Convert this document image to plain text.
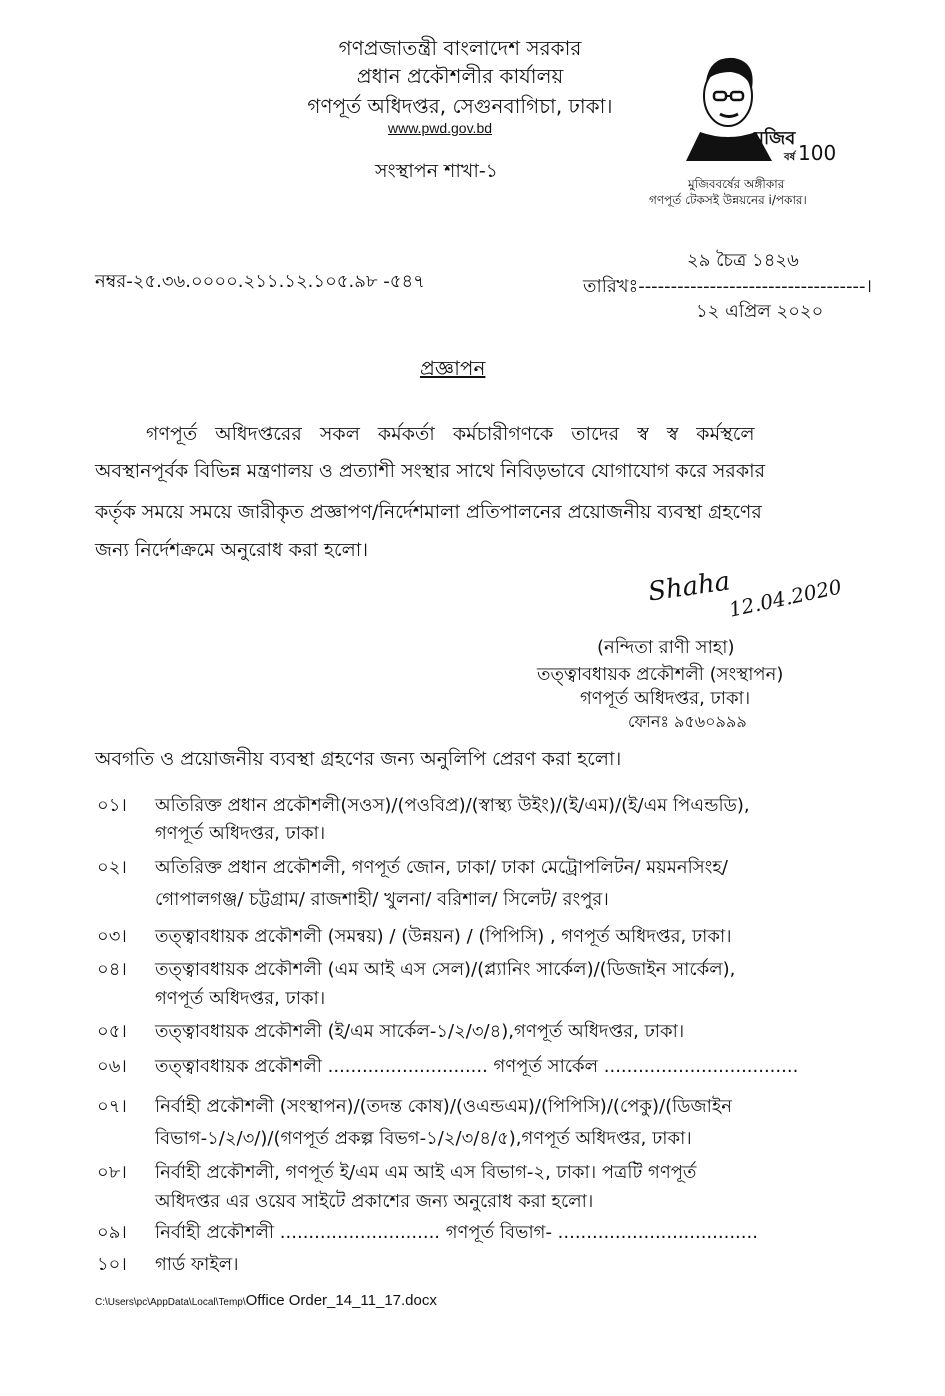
গণপ্রজাতন্ত্রী বাংলাদেশ সরকার
প্রধান প্রকৌশলীর কার্যালয়
গণপূর্ত অধিদপ্তর, সেগুনবাগিচা, ঢাকা।
www.pwd.gov.bd
সংস্থাপন শাখা-১
মুজিব
বর্ষ 100
মুজিববর্ষের অঙ্গীকার
গণপূর্ত টেকসই উন্নয়নের i/পকার।
২৯ চৈত্র ১৪২৬
নম্বর-২৫.৩৬.০০০০.২১১.১২.১০৫.৯৮ -৫৪৭	তারিখঃ-----------------------------------।
১২ এপ্রিল ২০২০
প্রজ্ঞাপন
গণপূর্ত অধিদপ্তরের সকল কর্মকর্তা কর্মচারীগণকে তাদের স্ব স্ব কর্মস্থলে
অবস্থানপূর্বক বিভিন্ন মন্ত্রণালয় ও প্রত্যাশী সংস্থার সাথে নিবিড়ভাবে যোগাযোগ করে সরকার
কর্তৃক সময়ে সময়ে জারীকৃত প্রজ্ঞাপণ/নির্দেশমালা প্রতিপালনের প্রয়োজনীয় ব্যবস্থা গ্রহণের
জন্য নির্দেশক্রমে অনুরোধ করা হলো।
Shaha
12.04.2020
(নন্দিতা রাণী সাহা)
তত্ত্বাবধায়ক প্রকৌশলী (সংস্থাপন)
গণপূর্ত অধিদপ্তর, ঢাকা।
ফোনঃ ৯৫৬০৯৯৯
অবগতি ও প্রয়োজনীয় ব্যবস্থা গ্রহণের জন্য অনুলিপি প্রেরণ করা হলো।
০১। অতিরিক্ত প্রধান প্রকৌশলী(সওস)/(পওবিপ্র)/(স্বাস্থ্য উইং)/(ই/এম)/(ই/এম পিএন্ডডি),
গণপূর্ত অধিদপ্তর, ঢাকা।
০২। অতিরিক্ত প্রধান প্রকৌশলী, গণপূর্ত জোন, ঢাকা/ ঢাকা মেট্রোপলিটন/ ময়মনসিংহ/
গোপালগঞ্জ/ চট্টগ্রাম/ রাজশাহী/ খুলনা/ বরিশাল/ সিলেট/ রংপুর।
০৩। তত্ত্বাবধায়ক প্রকৌশলী (সমন্বয়) / (উন্নয়ন) / (পিপিসি) , গণপূর্ত অধিদপ্তর, ঢাকা।
০৪। তত্ত্বাবধায়ক প্রকৌশলী (এম আই এস সেল)/(প্ল্যানিং সার্কেল)/(ডিজাইন সার্কেল),
গণপূর্ত অধিদপ্তর, ঢাকা।
০৫। তত্ত্বাবধায়ক প্রকৌশলী (ই/এম সার্কেল-১/২/৩/৪),গণপূর্ত অধিদপ্তর, ঢাকা।
০৬। তত্ত্বাবধায়ক প্রকৌশলী ............................ গণপূর্ত সার্কেল ..................................
০৭। নির্বাহী প্রকৌশলী (সংস্থাপন)/(তদন্ত কোষ)/(ওএন্ডএম)/(পিপিসি)/(পেকু)/(ডিজাইন
বিভাগ-১/২/৩/)/(গণপূর্ত প্রকল্প বিভগ-১/২/৩/৪/৫),গণপূর্ত অধিদপ্তর, ঢাকা।
০৮। নির্বাহী প্রকৌশলী, গণপূর্ত ই/এম এম আই এস বিভাগ-২, ঢাকা। পত্রটি গণপূর্ত
অধিদপ্তর এর ওয়েব সাইটে প্রকাশের জন্য অনুরোধ করা হলো।
০৯। নির্বাহী প্রকৌশলী ............................ গণপূর্ত বিভাগ- ...................................
১০। গার্ড ফাইল।
C:\Users\pc\AppData\Local\Temp\Office Order_14_11_17.docx
